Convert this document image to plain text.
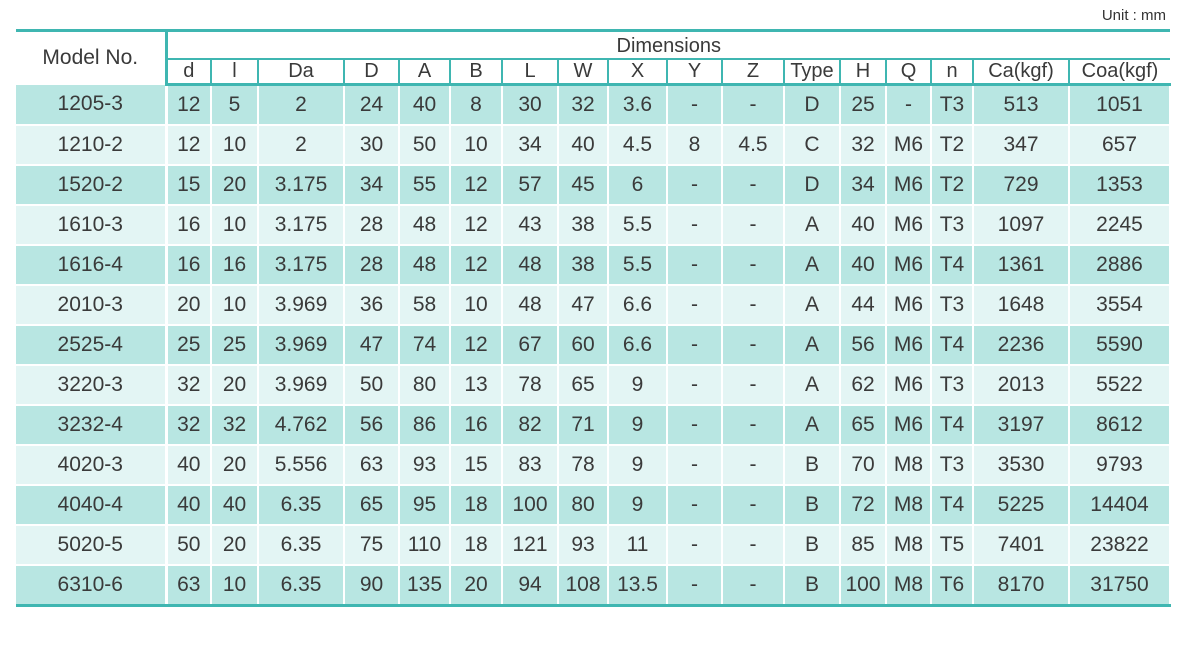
Unit : mm
Model No.	Dimensions																
	d	l	Da	D	A	B	L	W	X	Y	Z	Type	H	Q	n	Ca(kgf)	Coa(kgf)
1205-3	12	5	2	24	40	8	30	32	3.6	-	-	D	25	-	T3	513	1051
1210-2	12	10	2	30	50	10	34	40	4.5	8	4.5	C	32	M6	T2	347	657
1520-2	15	20	3.175	34	55	12	57	45	6	-	-	D	34	M6	T2	729	1353
1610-3	16	10	3.175	28	48	12	43	38	5.5	-	-	A	40	M6	T3	1097	2245
1616-4	16	16	3.175	28	48	12	48	38	5.5	-	-	A	40	M6	T4	1361	2886
2010-3	20	10	3.969	36	58	10	48	47	6.6	-	-	A	44	M6	T3	1648	3554
2525-4	25	25	3.969	47	74	12	67	60	6.6	-	-	A	56	M6	T4	2236	5590
3220-3	32	20	3.969	50	80	13	78	65	9	-	-	A	62	M6	T3	2013	5522
3232-4	32	32	4.762	56	86	16	82	71	9	-	-	A	65	M6	T4	3197	8612
4020-3	40	20	5.556	63	93	15	83	78	9	-	-	B	70	M8	T3	3530	9793
4040-4	40	40	6.35	65	95	18	100	80	9	-	-	B	72	M8	T4	5225	14404
5020-5	50	20	6.35	75	110	18	121	93	11	-	-	B	85	M8	T5	7401	23822
6310-6	63	10	6.35	90	135	20	94	108	13.5	-	-	B	100	M8	T6	8170	31750
